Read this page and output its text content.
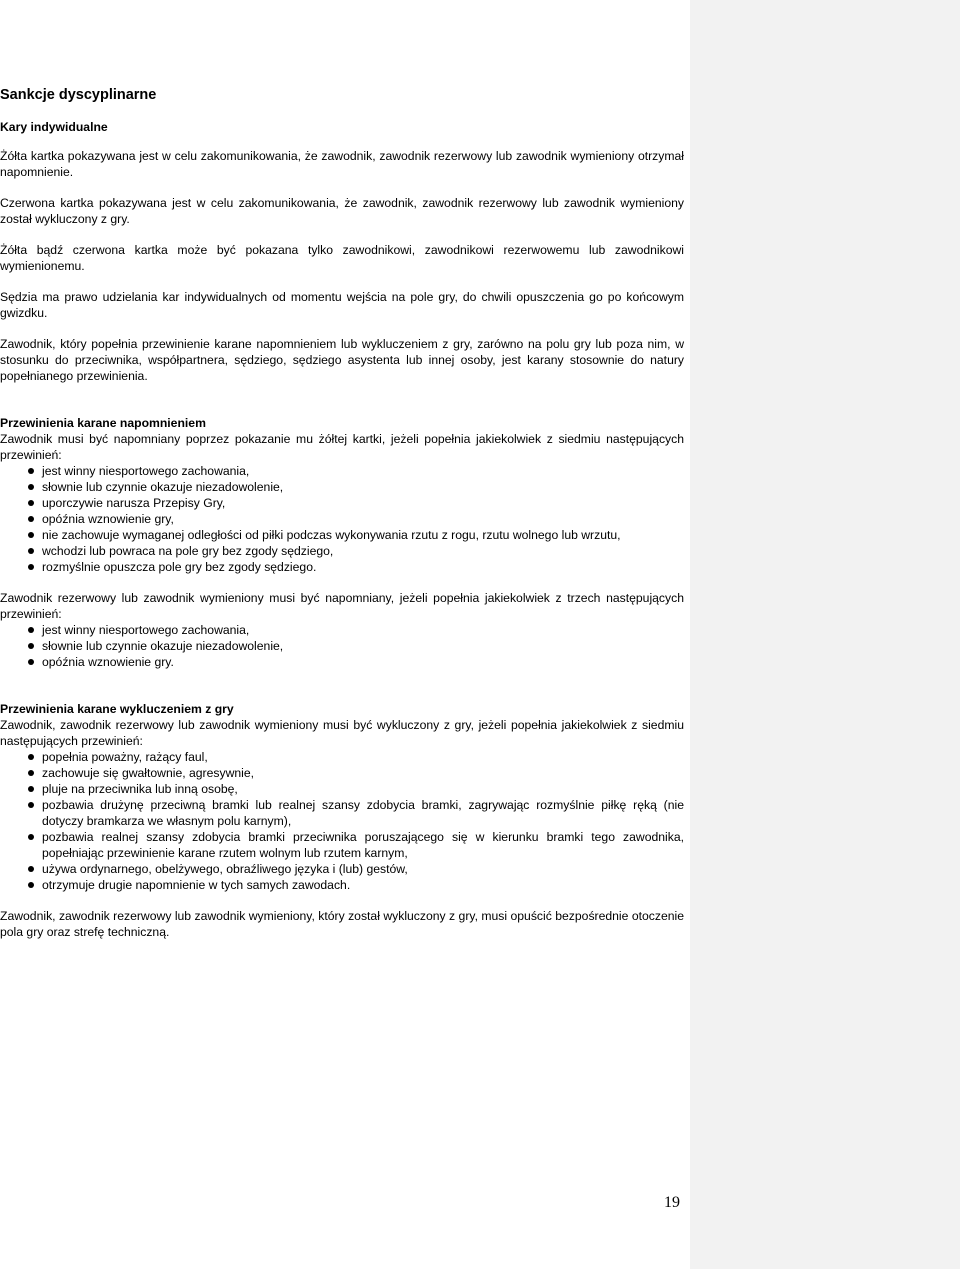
Sankcje dyscyplinarne
Kary indywidualne

Żółta kartka pokazywana jest w celu zakomunikowania, że zawodnik, zawodnik rezerwowy lub zawodnik wymieniony otrzymał napomnienie.

Czerwona kartka pokazywana jest w celu zakomunikowania, że zawodnik, zawodnik rezerwowy lub zawodnik wymieniony został wykluczony z gry.

Żółta bądź czerwona kartka może być pokazana tylko zawodnikowi, zawodnikowi rezerwowemu lub zawodnikowi wymienionemu.

Sędzia ma prawo udzielania kar indywidualnych od momentu wejścia na pole gry, do chwili opuszczenia go po końcowym gwizdku.

Zawodnik, który popełnia przewinienie karane napomnieniem lub wykluczeniem z gry, zarówno na polu gry lub poza nim, w stosunku do przeciwnika, współpartnera, sędziego, sędziego asystenta lub innej osoby, jest karany stosownie do natury popełnianego przewinienia.

Przewinienia karane napomnieniem

Zawodnik musi być napomniany poprzez pokazanie mu żółtej kartki, jeżeli popełnia jakiekolwiek z siedmiu następujących przewinień:

jest winny niesportowego zachowania,
słownie lub czynnie okazuje niezadowolenie,
uporczywie narusza Przepisy Gry,
opóźnia wznowienie gry,
nie zachowuje wymaganej odległości od piłki podczas wykonywania rzutu z rogu, rzutu wolnego lub wrzutu,
wchodzi lub powraca na pole gry bez zgody sędziego,
rozmyślnie opuszcza pole gry bez zgody sędziego.

Zawodnik rezerwowy lub zawodnik wymieniony musi być napomniany, jeżeli popełnia jakiekolwiek z trzech następujących przewinień:

jest winny niesportowego zachowania,
słownie lub czynnie okazuje niezadowolenie,
opóźnia wznowienie gry.
Przewinienia karane wykluczeniem z gry

Zawodnik, zawodnik rezerwowy lub zawodnik wymieniony musi być wykluczony z gry, jeżeli popełnia jakiekolwiek z siedmiu następujących przewinień:

popełnia poważny, rażący faul,
zachowuje się gwałtownie, agresywnie,
pluje na przeciwnika lub inną osobę,
pozbawia drużynę przeciwną bramki lub realnej szansy zdobycia bramki, zagrywając rozmyślnie piłkę ręką (nie dotyczy bramkarza we własnym polu karnym),
pozbawia realnej szansy zdobycia bramki przeciwnika poruszającego się w kierunku bramki tego zawodnika, popełniając przewinienie karane rzutem wolnym lub rzutem karnym,
używa ordynarnego, obelżywego, obraźliwego języka i (lub) gestów,
otrzymuje drugie napomnienie w tych samych zawodach.

Zawodnik, zawodnik rezerwowy lub zawodnik wymieniony, który został wykluczony z gry, musi opuścić bezpośrednie otoczenie pola gry oraz strefę techniczną.

19
